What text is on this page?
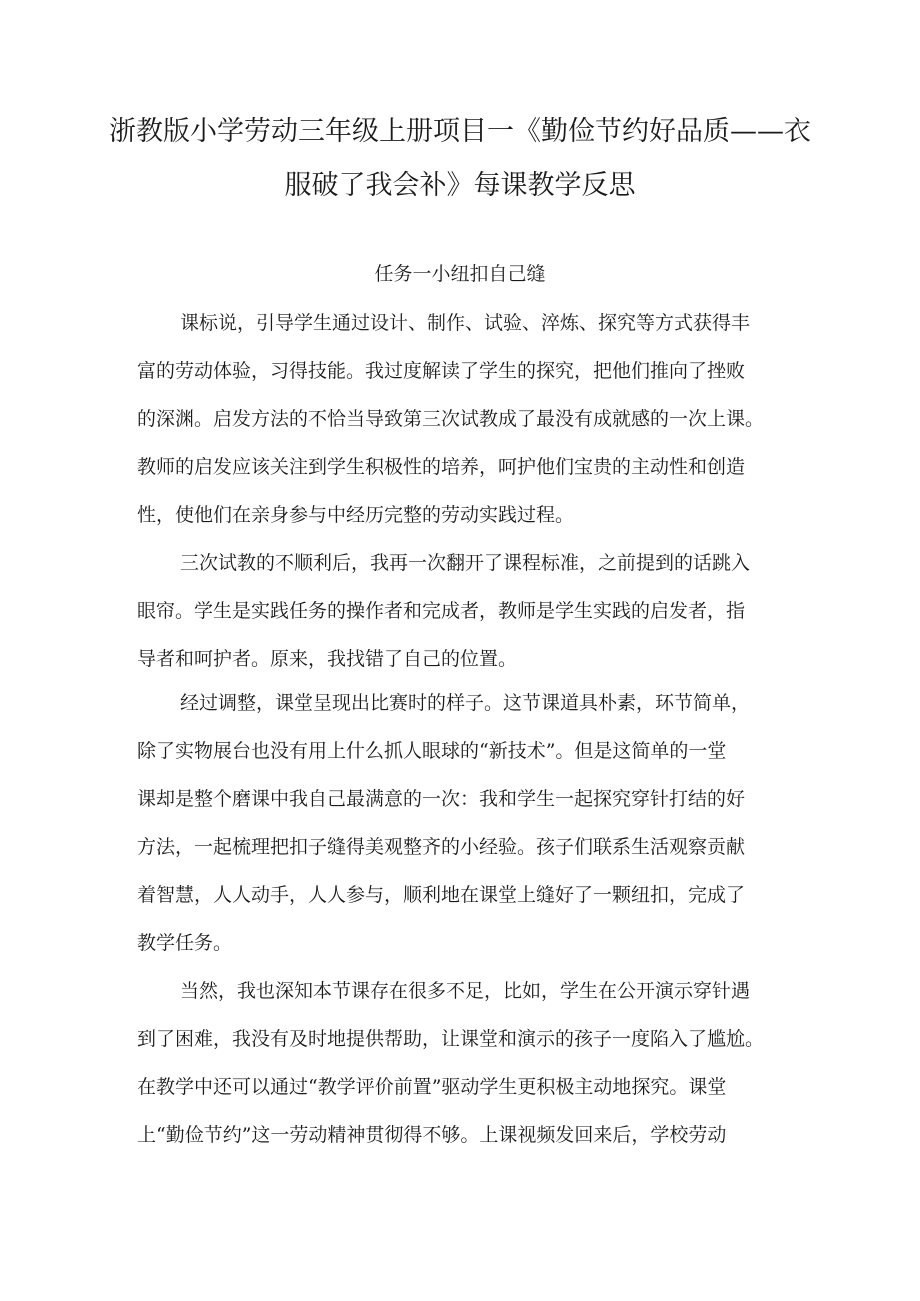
浙教版小学劳动三年级上册项目一《勤俭节约好品质——衣
服破了我会补》每课教学反思
任务一小纽扣自己缝
课标说，引导学生通过设计、制作、试验、淬炼、探究等方式获得丰
富的劳动体验，习得技能。我过度解读了学生的探究，把他们推向了挫败
的深渊。启发方法的不恰当导致第三次试教成了最没有成就感的一次上课。
教师的启发应该关注到学生积极性的培养，呵护他们宝贵的主动性和创造
性，使他们在亲身参与中经历完整的劳动实践过程。
三次试教的不顺利后，我再一次翻开了课程标准，之前提到的话跳入
眼帘。学生是实践任务的操作者和完成者，教师是学生实践的启发者，指
导者和呵护者。原来，我找错了自己的位置。
经过调整，课堂呈现出比赛时的样子。这节课道具朴素，环节简单，
除了实物展台也没有用上什么抓人眼球的“新技术”。但是这简单的一堂
课却是整个磨课中我自己最满意的一次：我和学生一起探究穿针打结的好
方法，一起梳理把扣子缝得美观整齐的小经验。孩子们联系生活观察贡献
着智慧，人人动手，人人参与，顺利地在课堂上缝好了一颗纽扣，完成了
教学任务。
当然，我也深知本节课存在很多不足，比如，学生在公开演示穿针遇
到了困难，我没有及时地提供帮助，让课堂和演示的孩子一度陷入了尴尬。
在教学中还可以通过“教学评价前置”驱动学生更积极主动地探究。课堂
上“勤俭节约”这一劳动精神贯彻得不够。上课视频发回来后，学校劳动
